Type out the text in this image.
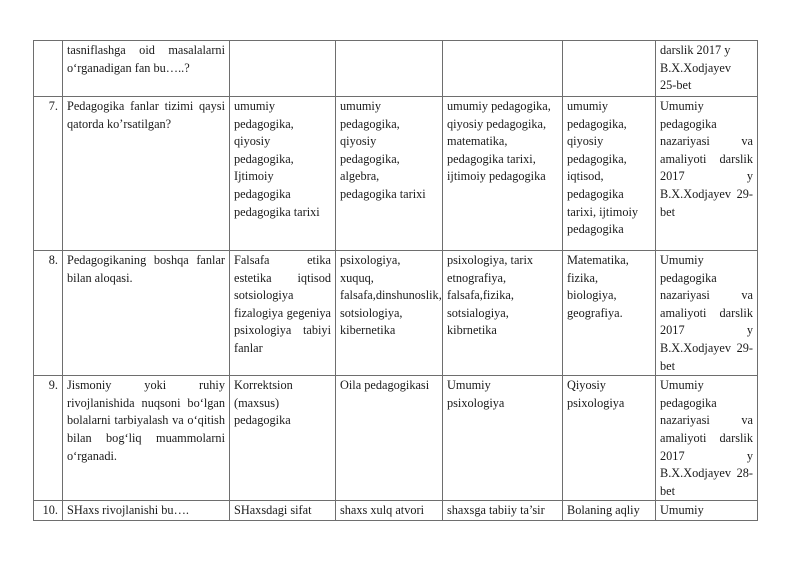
	tasniflashga oid masalalarni o‘rganadigan fan bu…..?					darslik 2017 y
B.X.Xodjayev
25-bet

7.	Pedagogika fanlar tizimi qaysi qatorda ko’rsatilgan?	umumiy pedagogika,
qiyosiy pedagogika,
Ijtimoiy pedagogika
pedagogika tarixi	umumiy pedagogika,
qiyosiy pedagogika,
algebra,
pedagogika tarixi	umumiy pedagogika, qiyosiy pedagogika,
matematika,
pedagogika tarixi, ijtimoiy pedagogika	umumiy pedagogika,
qiyosiy pedagogika,
iqtisod,
pedagogika tarixi, ijtimoiy pedagogika	Umumiy pedagogika nazariyasi va amaliyoti darslik 2017 y B.X.Xodjayev 29-bet

8.	Pedagogikaning boshqa fanlar bilan aloqasi.	Falsafa etika estetika iqtisod sotsiologiya fizalogiya gegeniya psixologiya tabiyi fanlar	psixologiya,
xuquq,
falsafa,dinshunoslik, sotsiologiya, kibernetika	psixologiya, tarix etnografiya,
falsafa,fizika,
sotsialogiya,
kibrnetika	Matematika,
fizika,
biologiya,
geografiya.	Umumiy pedagogika nazariyasi va amaliyoti darslik 2017 y B.X.Xodjayev 29-bet

9.	Jismoniy yoki ruhiy rivojlanishida nuqsoni bo‘lgan bolalarni tarbiyalash va o‘qitish bilan bog‘liq muammolarni o‘rganadi.	Korrektsion
(maxsus)
pedagogika	Oila pedagogikasi	Umumiy
psixologiya	Qiyosiy
psixologiya	Umumiy pedagogika nazariyasi va amaliyoti darslik 2017 y B.X.Xodjayev 28-bet

10.	SHaxs rivojlanishi bu….	SHaxsdagi sifat	shaxs xulq atvori	shaxsga tabiiy ta’sir	Bolaning aqliy	Umumiy
